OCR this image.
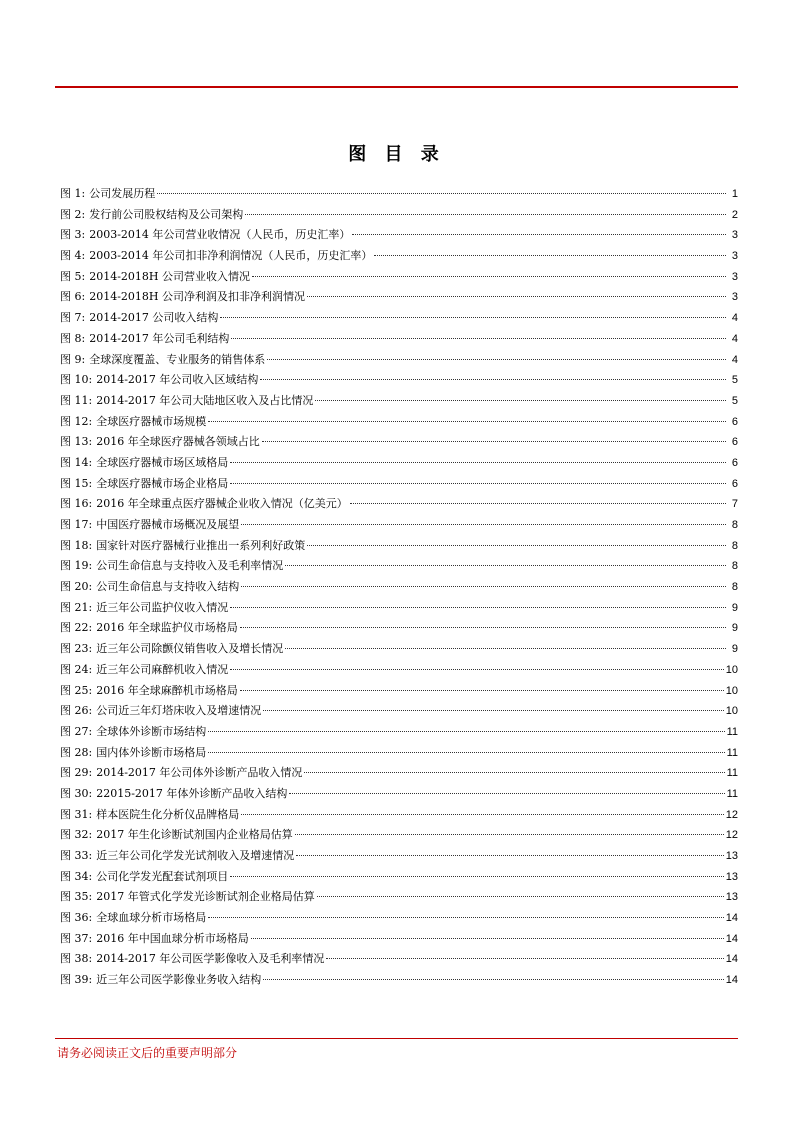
图 目 录
图 1: 公司发展历程	1
图 2: 发行前公司股权结构及公司架构	2
图 3: 2003-2014 年公司营业收情况（人民币，历史汇率）	3
图 4: 2003-2014 年公司扣非净利润情况（人民币，历史汇率）	3
图 5: 2014-2018H 公司营业收入情况	3
图 6: 2014-2018H 公司净利润及扣非净利润情况	3
图 7: 2014-2017 公司收入结构	4
图 8: 2014-2017 年公司毛利结构	4
图 9: 全球深度覆盖、专业服务的销售体系	4
图 10: 2014-2017 年公司收入区域结构	5
图 11: 2014-2017 年公司大陆地区收入及占比情况	5
图 12: 全球医疗器械市场规模	6
图 13: 2016 年全球医疗器械各领域占比	6
图 14: 全球医疗器械市场区域格局	6
图 15: 全球医疗器械市场企业格局	6
图 16: 2016 年全球重点医疗器械企业收入情况（亿美元）	7
图 17: 中国医疗器械市场概况及展望	8
图 18: 国家针对医疗器械行业推出一系列利好政策	8
图 19: 公司生命信息与支持收入及毛利率情况	8
图 20: 公司生命信息与支持收入结构	8
图 21: 近三年公司监护仪收入情况	9
图 22: 2016 年全球监护仪市场格局	9
图 23: 近三年公司除颤仪销售收入及增长情况	9
图 24: 近三年公司麻醉机收入情况	10
图 25: 2016 年全球麻醉机市场格局	10
图 26: 公司近三年灯塔床收入及增速情况	10
图 27: 全球体外诊断市场结构	11
图 28: 国内体外诊断市场格局	11
图 29: 2014-2017 年公司体外诊断产品收入情况	11
图 30: 22015-2017 年体外诊断产品收入结构	11
图 31: 样本医院生化分析仪品牌格局	12
图 32: 2017 年生化诊断试剂国内企业格局估算	12
图 33: 近三年公司化学发光试剂收入及增速情况	13
图 34: 公司化学发光配套试剂项目	13
图 35: 2017 年管式化学发光诊断试剂企业格局估算	13
图 36: 全球血球分析市场格局	14
图 37: 2016 年中国血球分析市场格局	14
图 38: 2014-2017 年公司医学影像收入及毛利率情况	14
图 39: 近三年公司医学影像业务收入结构	14
请务必阅读正文后的重要声明部分
